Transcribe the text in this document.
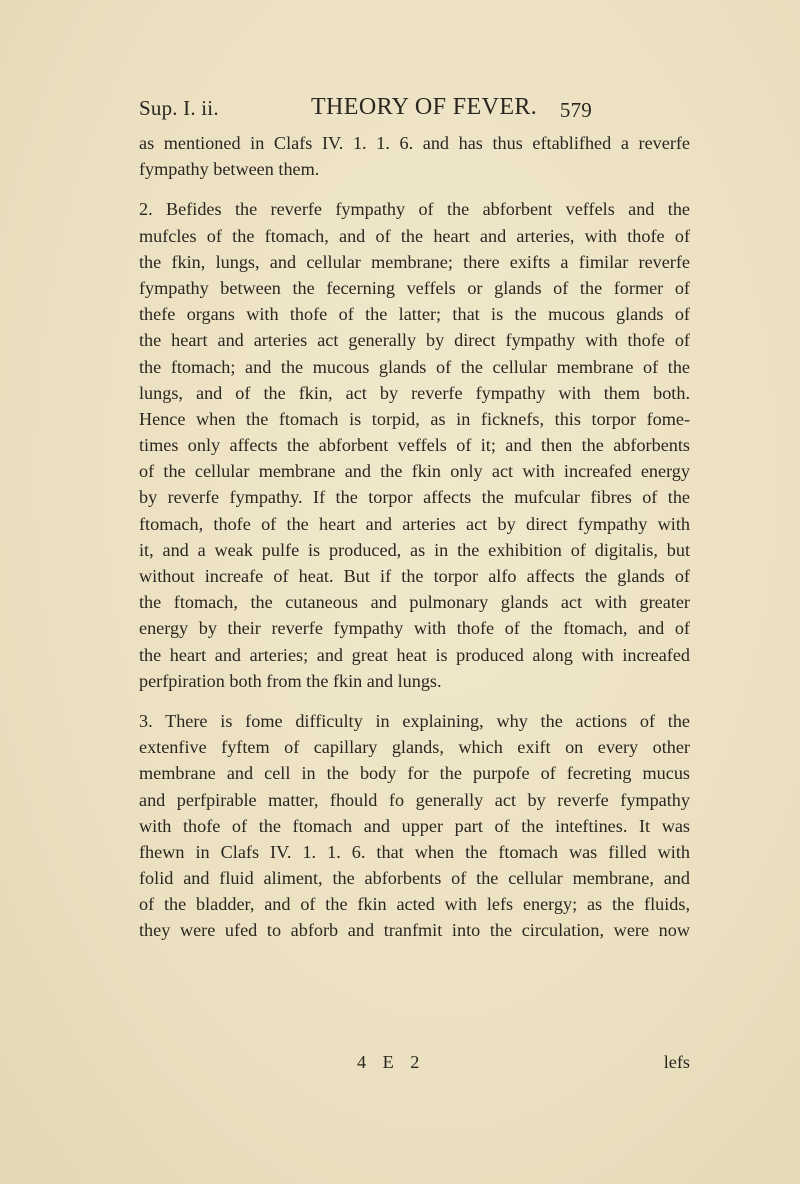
Sup. I. ii.	THEORY OF FEVER. 579
as mentioned in Clafs IV. 1. 1. 6. and has thus eftablifhed a reverfe
fympathy between them.
2. Befides the reverfe fympathy of the abforbent veffels and the
mufcles of the ftomach, and of the heart and arteries, with thofe of
the fkin, lungs, and cellular membrane; there exifts a fimilar reverfe
fympathy between the fecerning veffels or glands of the former of
thefe organs with thofe of the latter; that is the mucous glands of
the heart and arteries act generally by direct fympathy with thofe of
the ftomach; and the mucous glands of the cellular membrane of the
lungs, and of the fkin, act by reverfe fympathy with them both.
Hence when the ftomach is torpid, as in ficknefs, this torpor fome-
times only affects the abforbent veffels of it; and then the abforbents
of the cellular membrane and the fkin only act with increafed energy
by reverfe fympathy. If the torpor affects the mufcular fibres of the
ftomach, thofe of the heart and arteries act by direct fympathy with
it, and a weak pulfe is produced, as in the exhibition of digitalis, but
without increafe of heat. But if the torpor alfo affects the glands of
the ftomach, the cutaneous and pulmonary glands act with greater
energy by their reverfe fympathy with thofe of the ftomach, and of
the heart and arteries; and great heat is produced along with increafed
perfpiration both from the fkin and lungs.
3. There is fome difficulty in explaining, why the actions of the
extenfive fyftem of capillary glands, which exift on every other
membrane and cell in the body for the purpofe of fecreting mucus
and perfpirable matter, fhould fo generally act by reverfe fympathy
with thofe of the ftomach and upper part of the inteftines. It was
fhewn in Clafs IV. 1. 1. 6. that when the ftomach was filled with
folid and fluid aliment, the abforbents of the cellular membrane, and
of the bladder, and of the fkin acted with lefs energy; as the fluids,
they were ufed to abforb and tranfmit into the circulation, were now
4 E 2	lefs
